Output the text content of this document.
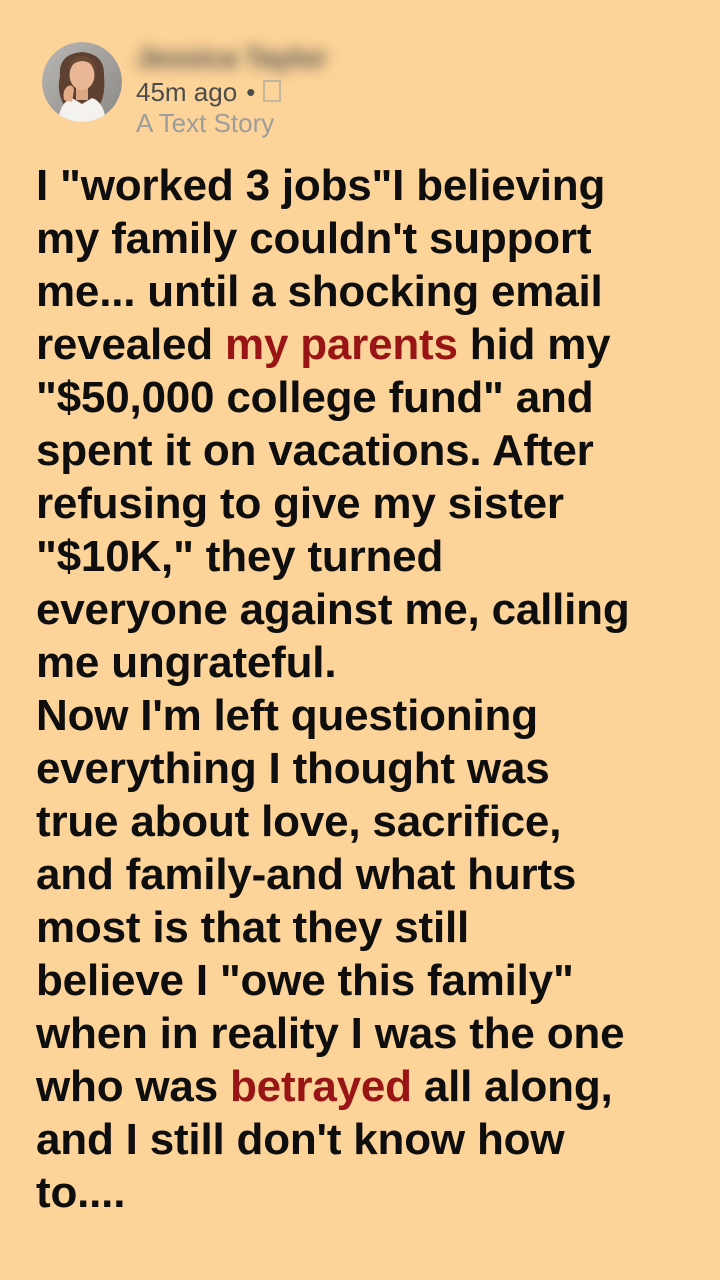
Jessica Taylor
45m ago •
A Text Story
I "worked 3 jobs"I believing
my family couldn't support
me... until a shocking email
revealed my parents hid my
"$50,000 college fund" and
spent it on vacations. After
refusing to give my sister
"$10K," they turned
everyone against me, calling
me ungrateful.
Now I'm left questioning
everything I thought was
true about love, sacrifice,
and family-and what hurts
most is that they still
believe I "owe this family"
when in reality I was the one
who was betrayed all along,
and I still don't know how
to....
